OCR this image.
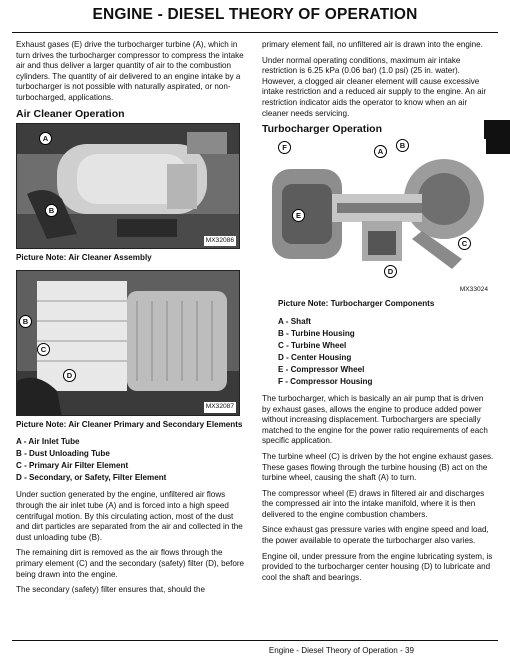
ENGINE - DIESEL THEORY OF OPERATION

Exhaust gases (E) drive the turbocharger turbine (A), which in turn drives the turbocharger compressor to compress the intake air and thus deliver a larger quantity of air to the combustion cylinders. The quantity of air delivered to an engine intake by a turbocharger is not possible with naturally aspirated, or non-turbocharged, applications.

Air Cleaner Operation
A
B
MX32086
Picture Note: Air Cleaner Assembly
B
C
D
MX32087
Picture Note: Air Cleaner Primary and Secondary Elements
A - Air Inlet Tube
B - Dust Unloading Tube
C - Primary Air Filter Element
D - Secondary, or Safety, Filter Element

Under suction generated by the engine, unfiltered air flows through the air inlet tube (A) and is forced into a high speed centrifugal motion. By this circulating action, most of the dust and dirt particles are separated from the air and collected in the dust unloading tube (B).

The remaining dirt is removed as the air flows through the primary element (C) and the secondary (safety) filter (D), before being drawn into the engine.

The secondary (safety) filter ensures that, should the

primary element fail, no unfiltered air is drawn into the engine.

Under normal operating conditions, maximum air intake restriction is 6.25 kPa (0.06 bar) (1.0 psi) (25 in. water). However, a clogged air cleaner element will cause excessive intake restriction and a reduced air supply to the engine. An air restriction indicator aids the operator to know when an air cleaner needs servicing.

Turbocharger Operation
F	A
B
E
C
D
MX33024
Picture Note: Turbocharger Components
A - Shaft
B - Turbine Housing
C - Turbine Wheel
D - Center Housing
E - Compressor Wheel
F - Compressor Housing

The turbocharger, which is basically an air pump that is driven by exhaust gases, allows the engine to produce added power without increasing displacement. Turbochargers are specially matched to the engine for the power ratio requirements of each specific application.

The turbine wheel (C) is driven by the hot engine exhaust gases. These gases flowing through the turbine housing (B) act on the turbine wheel, causing the shaft (A) to turn.

The compressor wheel (E) draws in filtered air and discharges the compressed air into the intake manifold, where it is then delivered to the engine combustion chambers.

Since exhaust gas pressure varies with engine speed and load, the power available to operate the turbocharger also varies.

Engine oil, under pressure from the engine lubricating system, is provided to the turbocharger center housing (D) to lubricate and cool the shaft and bearings.

Engine - Diesel Theory of Operation - 39
